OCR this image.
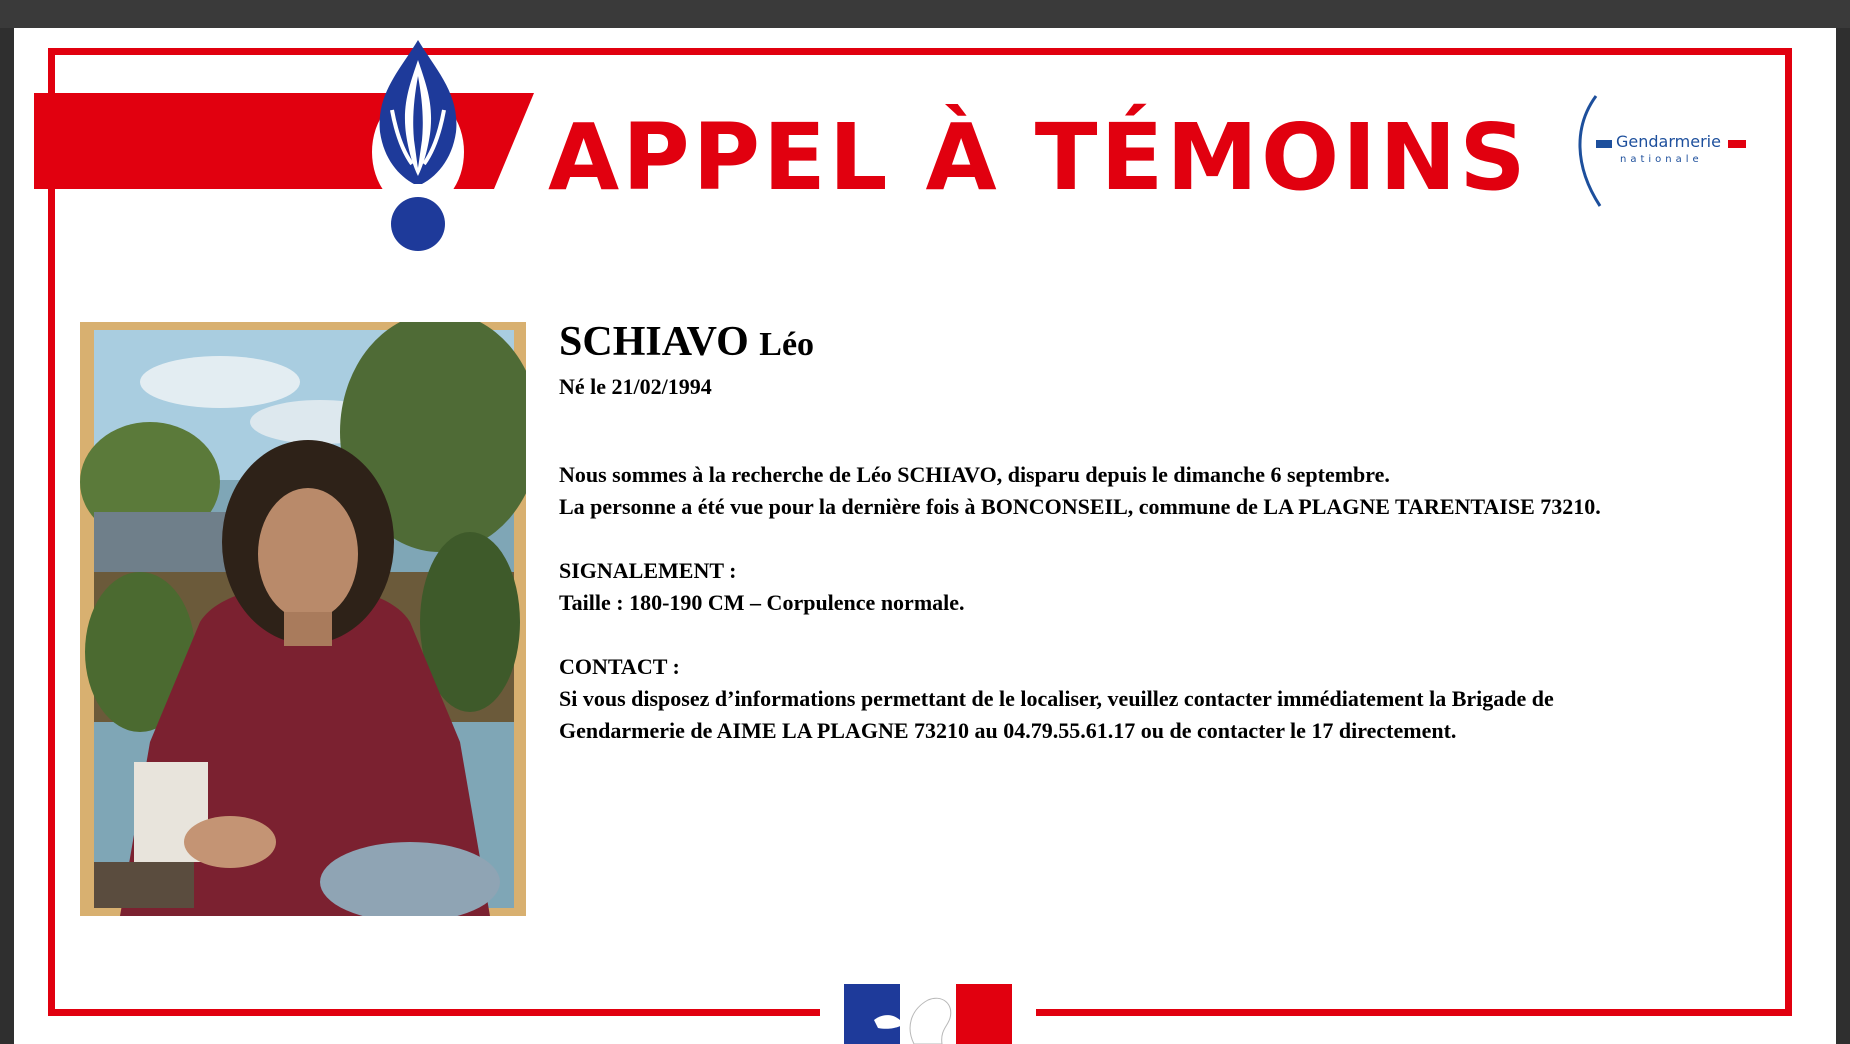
APPEL À TÉMOINS	Gendarmerie
nationale
SCHIAVO Léo
Né le 21/02/1994

Nous sommes à la recherche de Léo SCHIAVO, disparu depuis le dimanche 6 septembre.

La personne a été vue pour la dernière fois à BONCONSEIL, commune de LA PLAGNE TARENTAISE 73210.

SIGNALEMENT :

Taille : 180-190 CM – Corpulence normale.

CONTACT :

Si vous disposez d’informations permettant de le localiser, veuillez contacter immédiatement la Brigade de Gendarmerie de AIME LA PLAGNE 73210 au 04.79.55.61.17 ou de contacter le 17 directement.
